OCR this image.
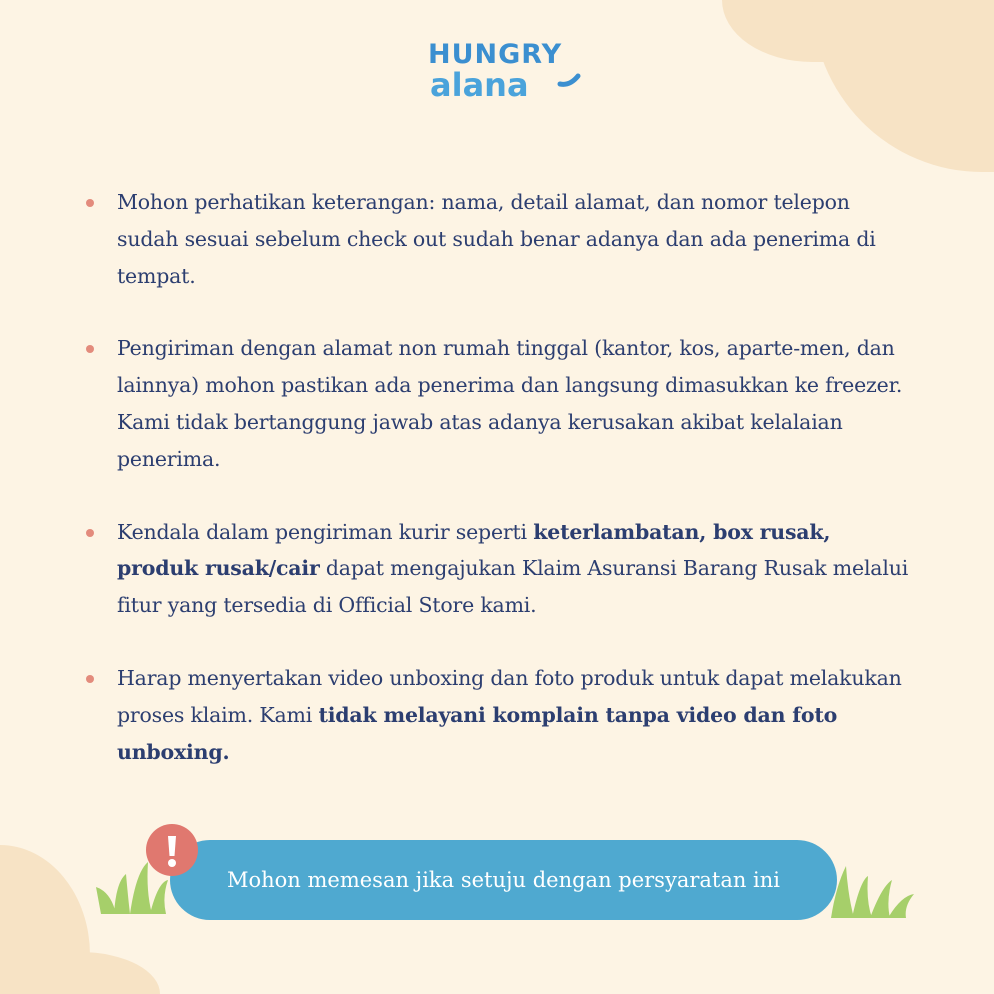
HUNGRY
alana
Mohon perhatikan keterangan: nama, detail alamat, dan nomor telepon sudah sesuai sebelum check out sudah benar adanya dan ada penerima di tempat.
Pengiriman dengan alamat non rumah tinggal (kantor, kos, aparte-men, dan lainnya) mohon pastikan ada penerima dan langsung dimasukkan ke freezer. Kami tidak bertanggung jawab atas adanya kerusakan akibat kelalaian penerima.
Kendala dalam pengiriman kurir seperti keterlambatan, box rusak, produk rusak/cair dapat mengajukan Klaim Asuransi Barang Rusak melalui fitur yang tersedia di Official Store kami.
Harap menyertakan video unboxing dan foto produk untuk dapat melakukan proses klaim. Kami tidak melayani komplain tanpa video dan foto unboxing.
Mohon memesan jika setuju dengan persyaratan ini
